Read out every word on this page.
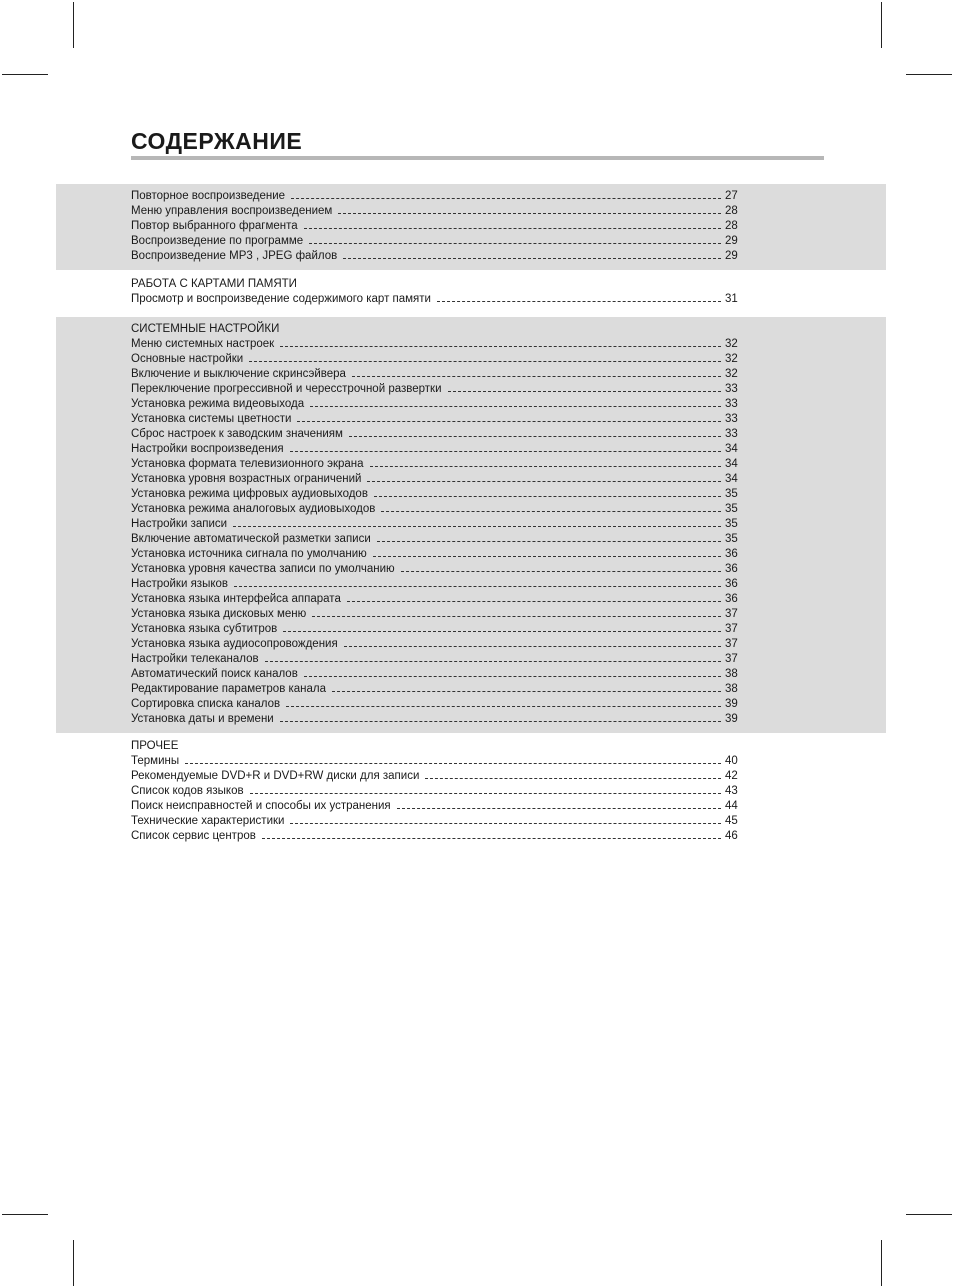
СОДЕРЖАНИЕ
Повторное воспроизведение	27
Меню управления воспроизведением	28
Повтор выбранного фрагмента	28
Воспроизведение по программе	29
Воспроизведение MP3 , JPEG файлов	29
РАБОТА С КАРТАМИ ПАМЯТИ
Просмотр и воспроизведение содержимого карт памяти	31
СИСТЕМНЫЕ НАСТРОЙКИ
Меню системных настроек	32
Основные настройки	32
Включение и выключение скринсэйвера	32
Переключение прогрессивной и чересстрочной развертки	33
Установка режима видеовыхода	33
Установка системы цветности	33
Сброс настроек к заводским значениям	33
Настройки воспроизведения	34
Установка формата телевизионного экрана	34
Установка уровня возрастных ограничений	34
Установка режима цифровых аудиовыходов	35
Установка режима аналоговых аудиовыходов	35
Настройки записи	35
Включение автоматической разметки записи	35
Установка источника сигнала по умолчанию	36
Установка уровня качества записи по умолчанию	36
Настройки языков	36
Установка языка интерфейса аппарата	36
Установка языка дисковых меню	37
Установка языка субтитров	37
Установка языка аудиосопровождения	37
Настройки телеканалов	37
Автоматический поиск каналов	38
Редактирование параметров канала	38
Сортировка списка каналов	39
Установка даты и времени	39
ПРОЧЕЕ
Термины	40
Рекомендуемые DVD+R и DVD+RW диски для записи	42
Список кодов языков	43
Поиск неисправностей и способы их устранения	44
Технические характеристики	45
Список сервис центров	46
